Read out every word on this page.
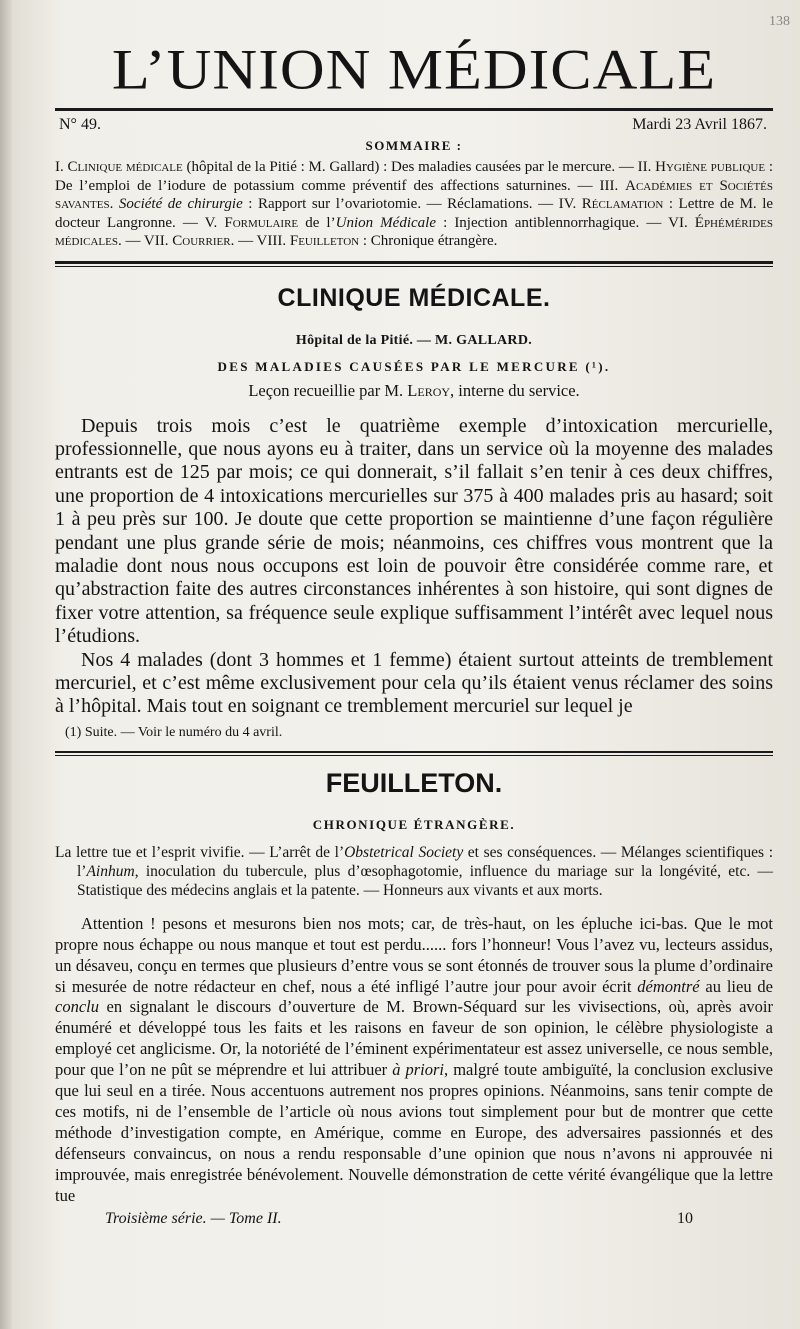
138
L’UNION MÉDICALE
N° 49.	Mardi 23 Avril 1867.
SOMMAIRE :

I. Clinique médicale (hôpital de la Pitié : M. Gallard) : Des maladies causées par le mercure. — II. Hygiène publique : De l’emploi de l’iodure de potassium comme préventif des affections saturnines. — III. Académies et Sociétés savantes. Société de chirurgie : Rapport sur l’ovariotomie. — Réclamations. — IV. Réclamation : Lettre de M. le docteur Langronne. — V. Formulaire de l’Union Médicale : Injection antiblennorrhagique. — VI. Éphémérides médicales. — VII. Courrier. — VIII. Feuilleton : Chronique étrangère.

CLINIQUE MÉDICALE.
Hôpital de la Pitié. — M. GALLARD.
DES MALADIES CAUSÉES PAR LE MERCURE (¹).
Leçon recueillie par M. Leroy, interne du service.

Depuis trois mois c’est le quatrième exemple d’intoxication mercurielle, professionnelle, que nous ayons eu à traiter, dans un service où la moyenne des malades entrants est de 125 par mois; ce qui donnerait, s’il fallait s’en tenir à ces deux chiffres, une proportion de 4 intoxications mercurielles sur 375 à 400 malades pris au hasard; soit 1 à peu près sur 100. Je doute que cette proportion se maintienne d’une façon régulière pendant une plus grande série de mois; néanmoins, ces chiffres vous montrent que la maladie dont nous nous occupons est loin de pouvoir être considérée comme rare, et qu’abstraction faite des autres circonstances inhérentes à son histoire, qui sont dignes de fixer votre attention, sa fréquence seule explique suffisamment l’intérêt avec lequel nous l’étudions.

Nos 4 malades (dont 3 hommes et 1 femme) étaient surtout atteints de tremblement mercuriel, et c’est même exclusivement pour cela qu’ils étaient venus réclamer des soins à l’hôpital. Mais tout en soignant ce tremblement mercuriel sur lequel je

(1) Suite. — Voir le numéro du 4 avril.
FEUILLETON.
CHRONIQUE ÉTRANGÈRE.

La lettre tue et l’esprit vivifie. — L’arrêt de l’Obstetrical Society et ses conséquences. — Mélanges scientifiques : l’Ainhum, inoculation du tubercule, plus d’œsophagotomie, influence du mariage sur la longévité, etc. — Statistique des médecins anglais et la patente. — Honneurs aux vivants et aux morts.

Attention ! pesons et mesurons bien nos mots; car, de très-haut, on les épluche ici-bas. Que le mot propre nous échappe ou nous manque et tout est perdu...... fors l’honneur! Vous l’avez vu, lecteurs assidus, un désaveu, conçu en termes que plusieurs d’entre vous se sont étonnés de trouver sous la plume d’ordinaire si mesurée de notre rédacteur en chef, nous a été infligé l’autre jour pour avoir écrit démontré au lieu de conclu en signalant le discours d’ouverture de M. Brown-Séquard sur les vivisections, où, après avoir énuméré et développé tous les faits et les raisons en faveur de son opinion, le célèbre physiologiste a employé cet anglicisme. Or, la notoriété de l’éminent expérimentateur est assez universelle, ce nous semble, pour que l’on ne pût se méprendre et lui attribuer à priori, malgré toute ambiguïté, la conclusion exclusive que lui seul en a tirée. Nous accentuons autrement nos propres opinions. Néanmoins, sans tenir compte de ces motifs, ni de l’ensemble de l’article où nous avions tout simplement pour but de montrer que cette méthode d’investigation compte, en Amérique, comme en Europe, des adversaires passionnés et des défenseurs convaincus, on nous a rendu responsable d’une opinion que nous n’avons ni approuvée ni improuvée, mais enregistrée bénévolement. Nouvelle démonstration de cette vérité évangélique que la lettre tue

Troisième série. — Tome II.	10
